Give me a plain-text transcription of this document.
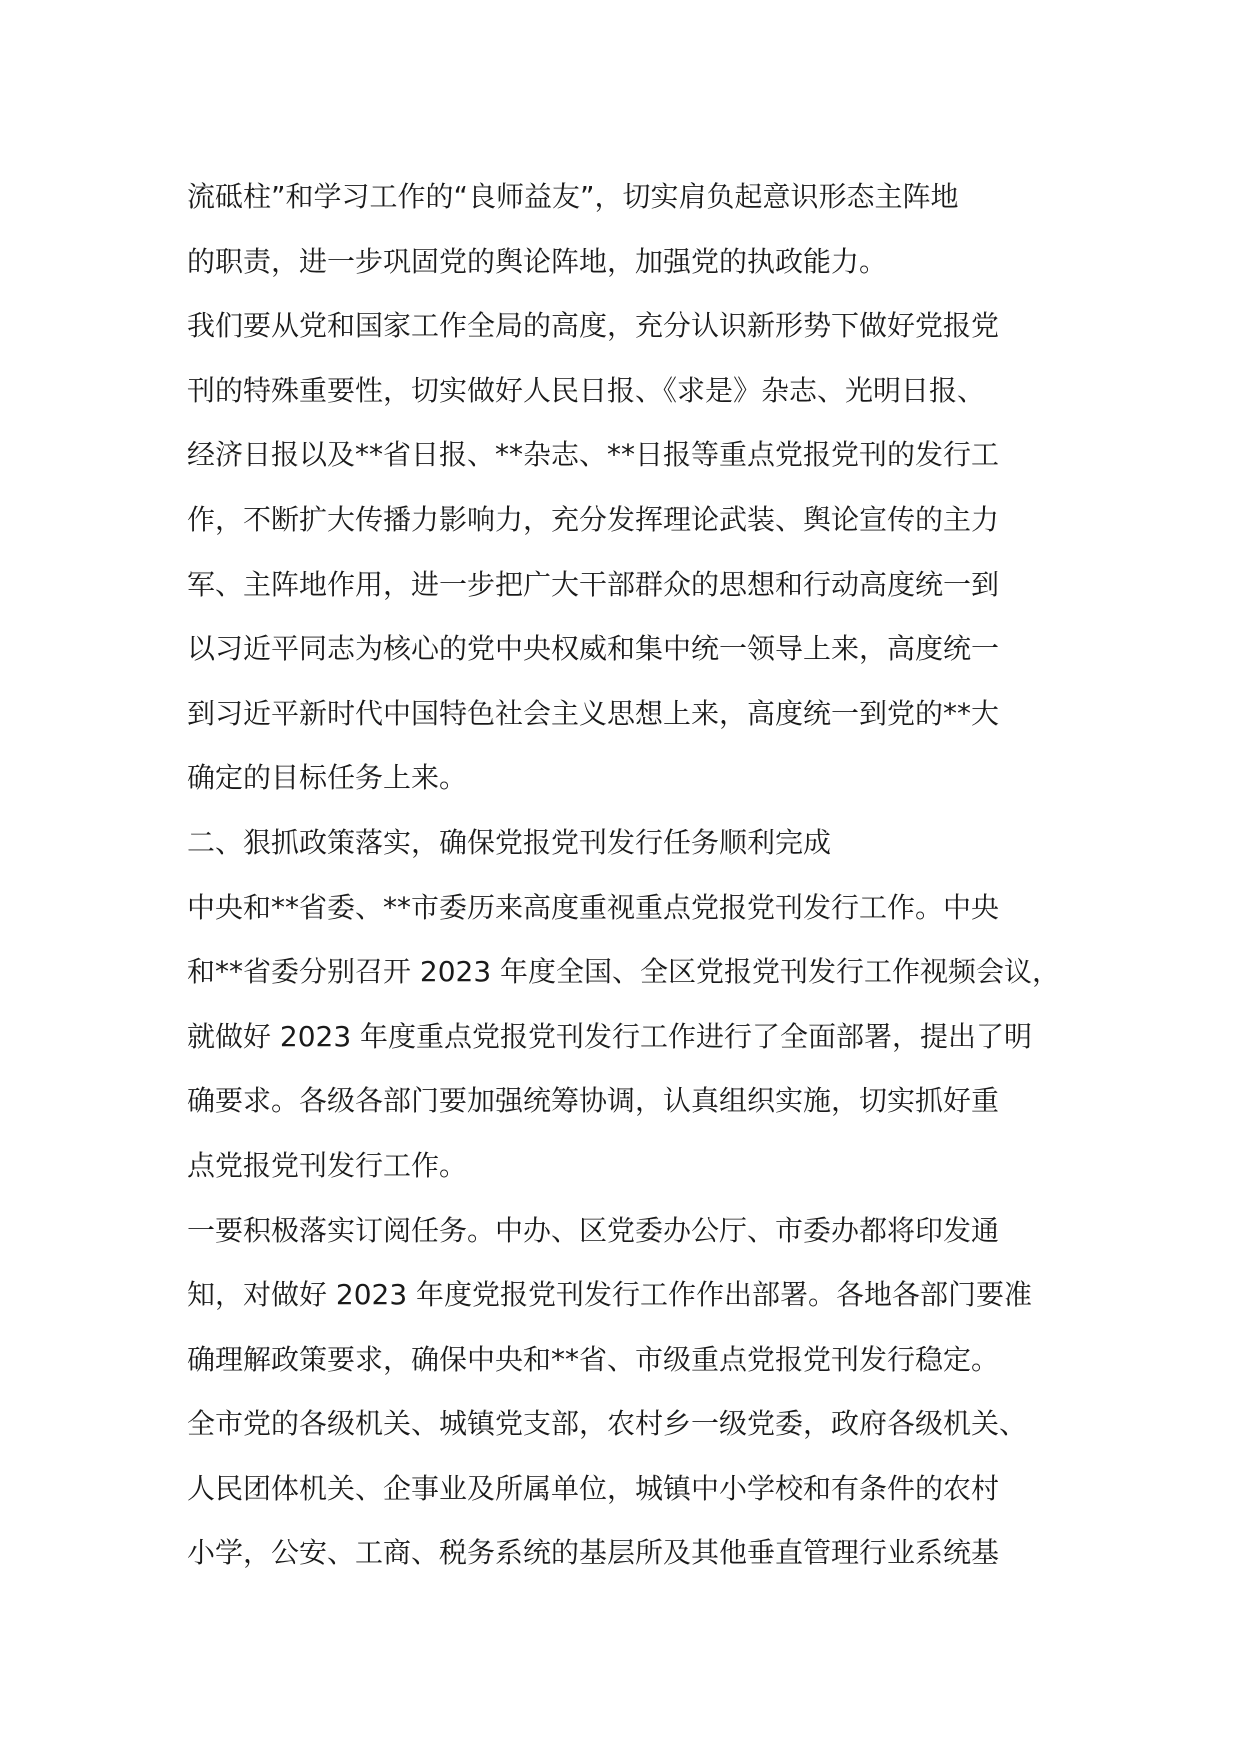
流砥柱”和学习工作的“良师益友”，切实肩负起意识形态主阵地
的职责，进一步巩固党的舆论阵地，加强党的执政能力。
我们要从党和国家工作全局的高度，充分认识新形势下做好党报党
刊的特殊重要性，切实做好人民日报、《求是》杂志、光明日报、
经济日报以及**省日报、**杂志、**日报等重点党报党刊的发行工
作，不断扩大传播力影响力，充分发挥理论武装、舆论宣传的主力
军、主阵地作用，进一步把广大干部群众的思想和行动高度统一到
以习近平同志为核心的党中央权威和集中统一领导上来，高度统一
到习近平新时代中国特色社会主义思想上来，高度统一到党的**大
确定的目标任务上来。
二、狠抓政策落实，确保党报党刊发行任务顺利完成
中央和**省委、**市委历来高度重视重点党报党刊发行工作。中央
和**省委分别召开 2023 年度全国、全区党报党刊发行工作视频会议，
就做好 2023 年度重点党报党刊发行工作进行了全面部署，提出了明
确要求。各级各部门要加强统筹协调，认真组织实施，切实抓好重
点党报党刊发行工作。
一要积极落实订阅任务。中办、区党委办公厅、市委办都将印发通
知，对做好 2023 年度党报党刊发行工作作出部署。各地各部门要准
确理解政策要求，确保中央和**省、市级重点党报党刊发行稳定。
全市党的各级机关、城镇党支部，农村乡一级党委，政府各级机关、
人民团体机关、企事业及所属单位，城镇中小学校和有条件的农村
小学，公安、工商、税务系统的基层所及其他垂直管理行业系统基
